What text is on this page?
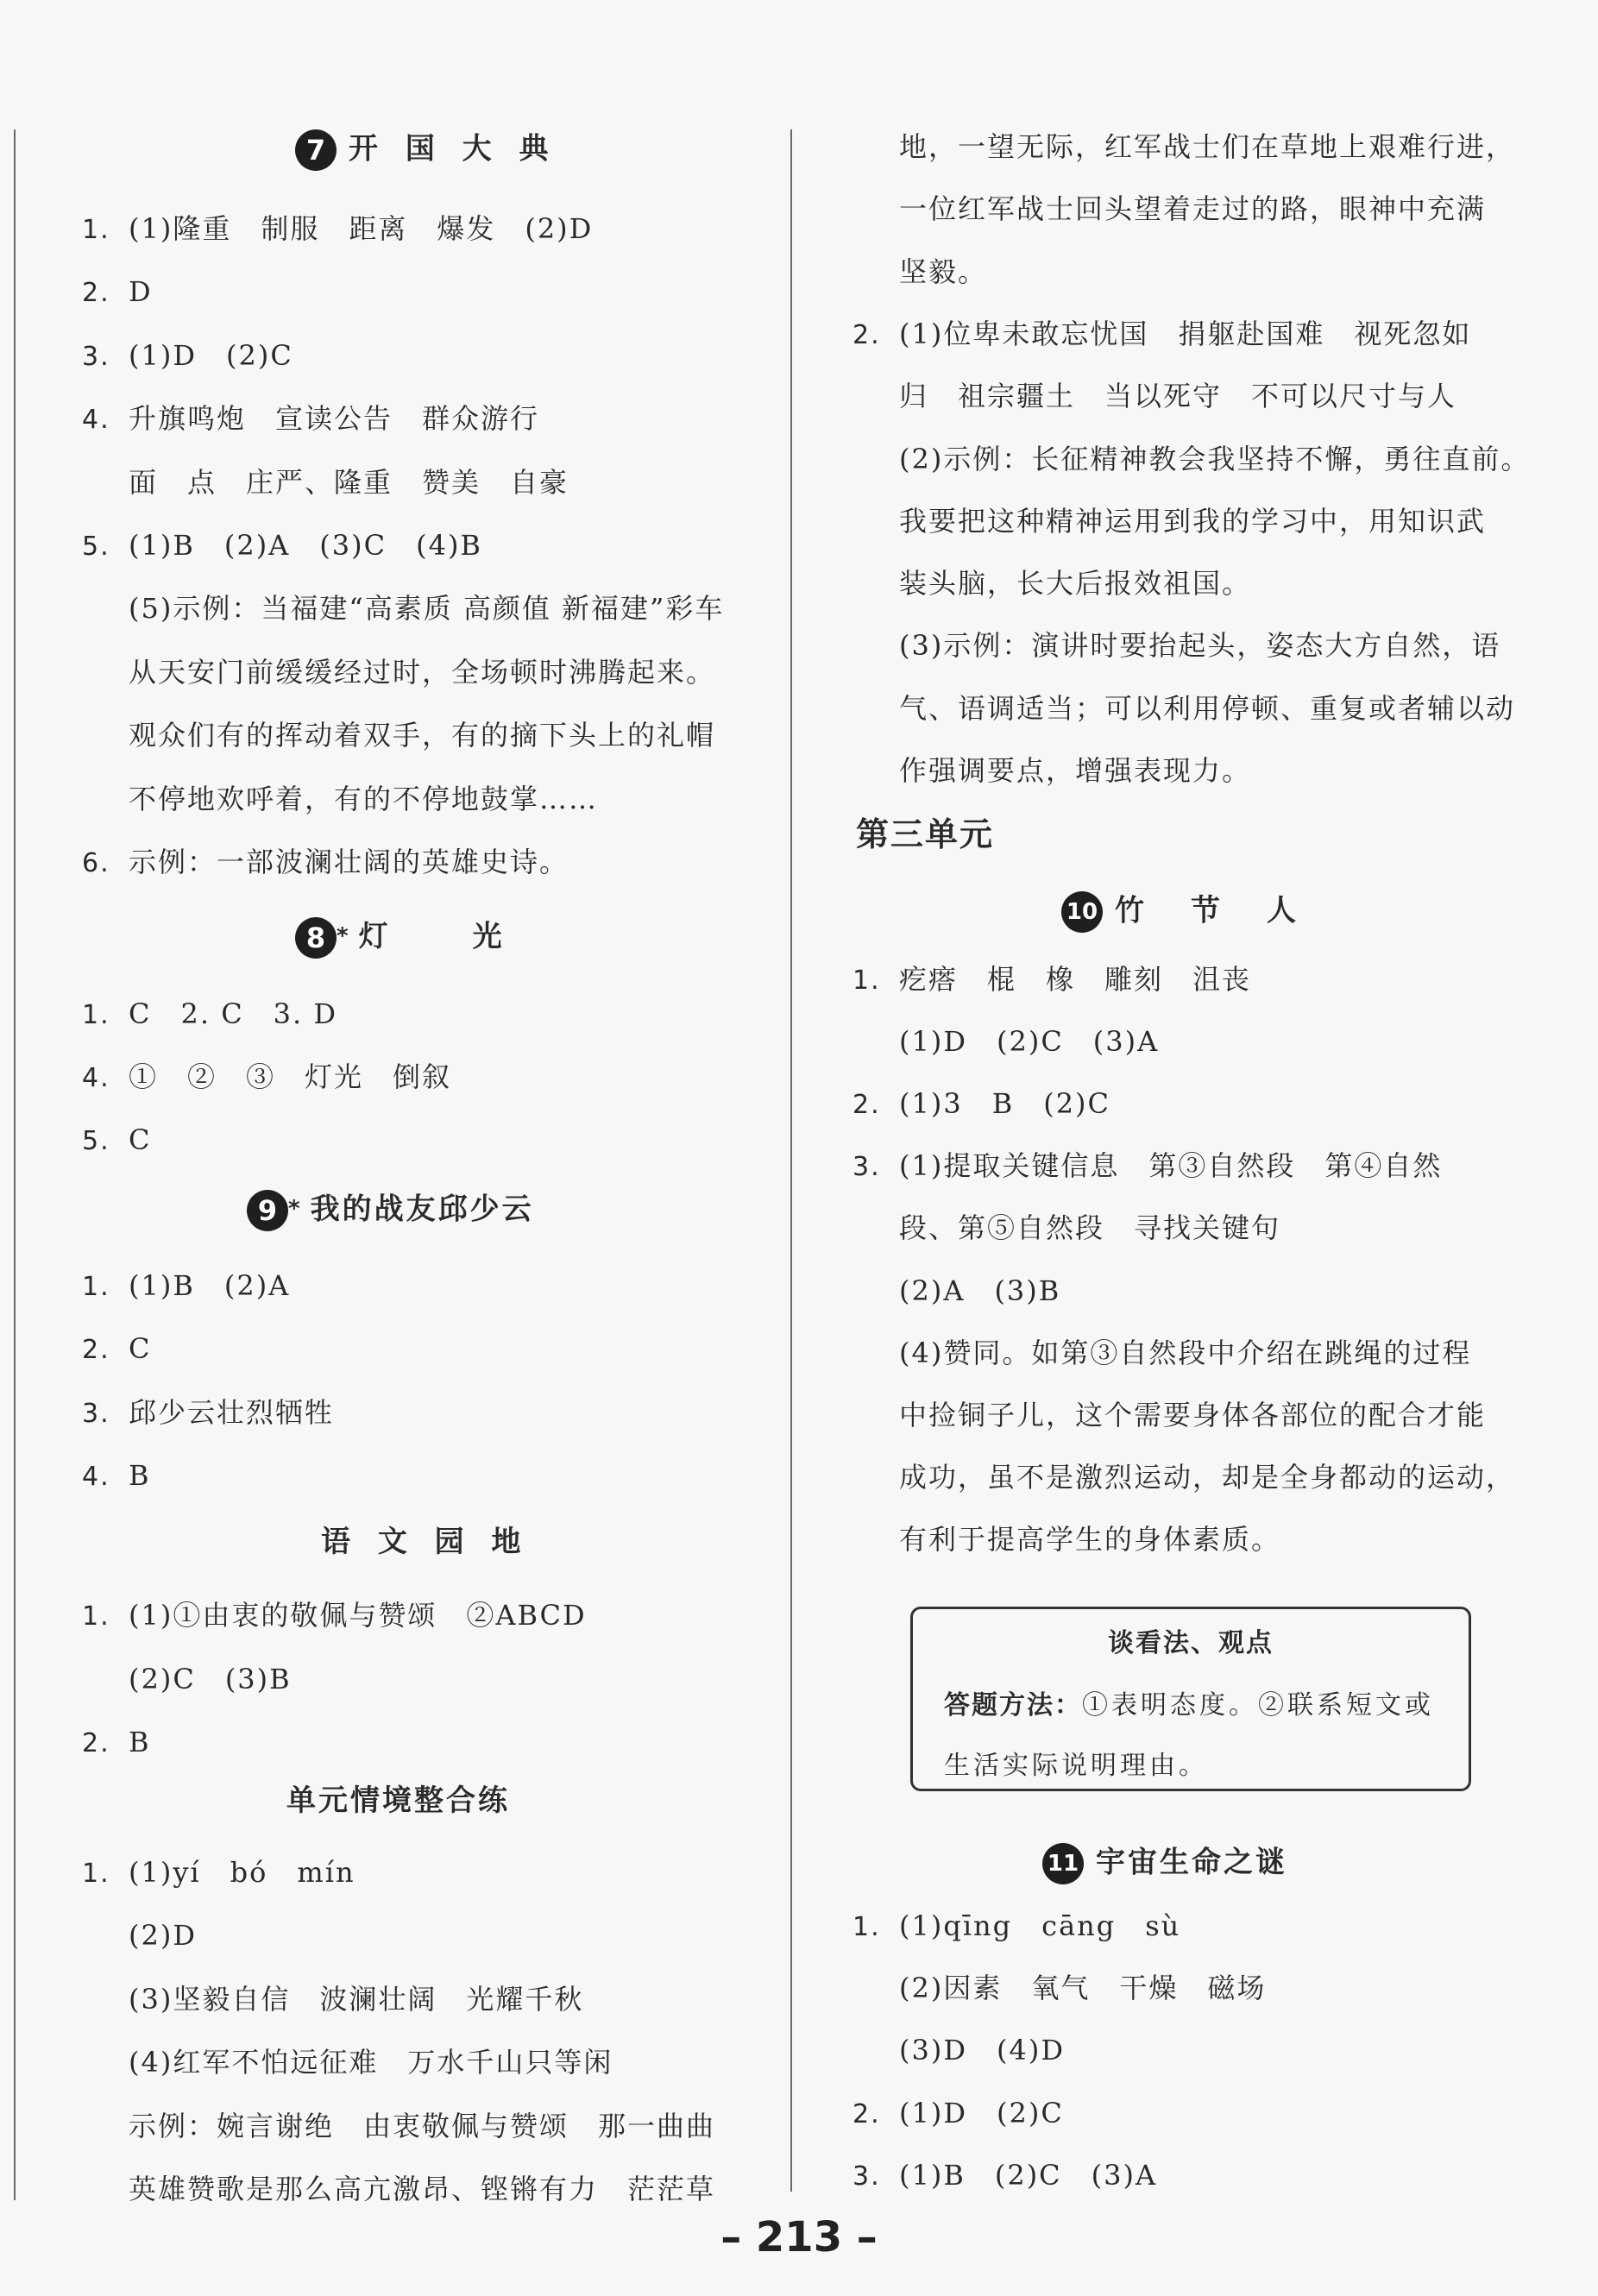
7 开 国 大 典
1. (1)隆重　制服　距离　爆发　(2)D
2. D
3. (1)D　(2)C
4. 升旗鸣炮　宣读公告　群众游行
面　点　庄严、隆重　赞美　自豪
5. (1)B　(2)A　(3)C　(4)B
(5)示例：当福建“高素质 高颜值 新福建”彩车
从天安门前缓缓经过时，全场顿时沸腾起来。
观众们有的挥动着双手，有的摘下头上的礼帽
不停地欢呼着，有的不停地鼓掌……
6. 示例：一部波澜壮阔的英雄史诗。
8 * 灯　　光
1. C　2. C　3. D
4. ①　②　③　灯光　倒叙
5. C
9 * 我的战友邱少云
1. (1)B　(2)A
2. C
3. 邱少云壮烈牺牲
4. B
语 文 园 地
1. (1)①由衷的敬佩与赞颂　②ABCD
(2)C　(3)B
2. B
单元情境整合练
1. (1)yí　bó　mín
(2)D
(3)坚毅自信　波澜壮阔　光耀千秋
(4)红军不怕远征难　万水千山只等闲
示例：婉言谢绝　由衷敬佩与赞颂　那一曲曲
英雄赞歌是那么高亢激昂、铿锵有力　茫茫草
地，一望无际，红军战士们在草地上艰难行进，
一位红军战士回头望着走过的路，眼神中充满
坚毅。
2. (1)位卑未敢忘忧国　捐躯赴国难　视死忽如
归　祖宗疆土　当以死守　不可以尺寸与人
(2)示例：长征精神教会我坚持不懈，勇往直前。
我要把这种精神运用到我的学习中，用知识武
装头脑，长大后报效祖国。
(3)示例：演讲时要抬起头，姿态大方自然，语
气、语调适当；可以利用停顿、重复或者辅以动
作强调要点，增强表现力。
第三单元
10 竹　节　人
1. 疙瘩　棍　橡　雕刻　沮丧
(1)D　(2)C　(3)A
2. (1)3　B　(2)C
3. (1)提取关键信息　第③自然段　第④自然
段、第⑤自然段　寻找关键句
(2)A　(3)B
(4)赞同。如第③自然段中介绍在跳绳的过程
中捡铜子儿，这个需要身体各部位的配合才能
成功，虽不是激烈运动，却是全身都动的运动，
有利于提高学生的身体素质。
11 宇宙生命之谜
1. (1)qīng　cāng　sù
(2)因素　氧气　干燥　磁场
(3)D　(4)D
2. (1)D　(2)C
3. (1)B　(2)C　(3)A
谈看法、观点
答题方法：①表明态度。②联系短文或
生活实际说明理由。
– 213 –
